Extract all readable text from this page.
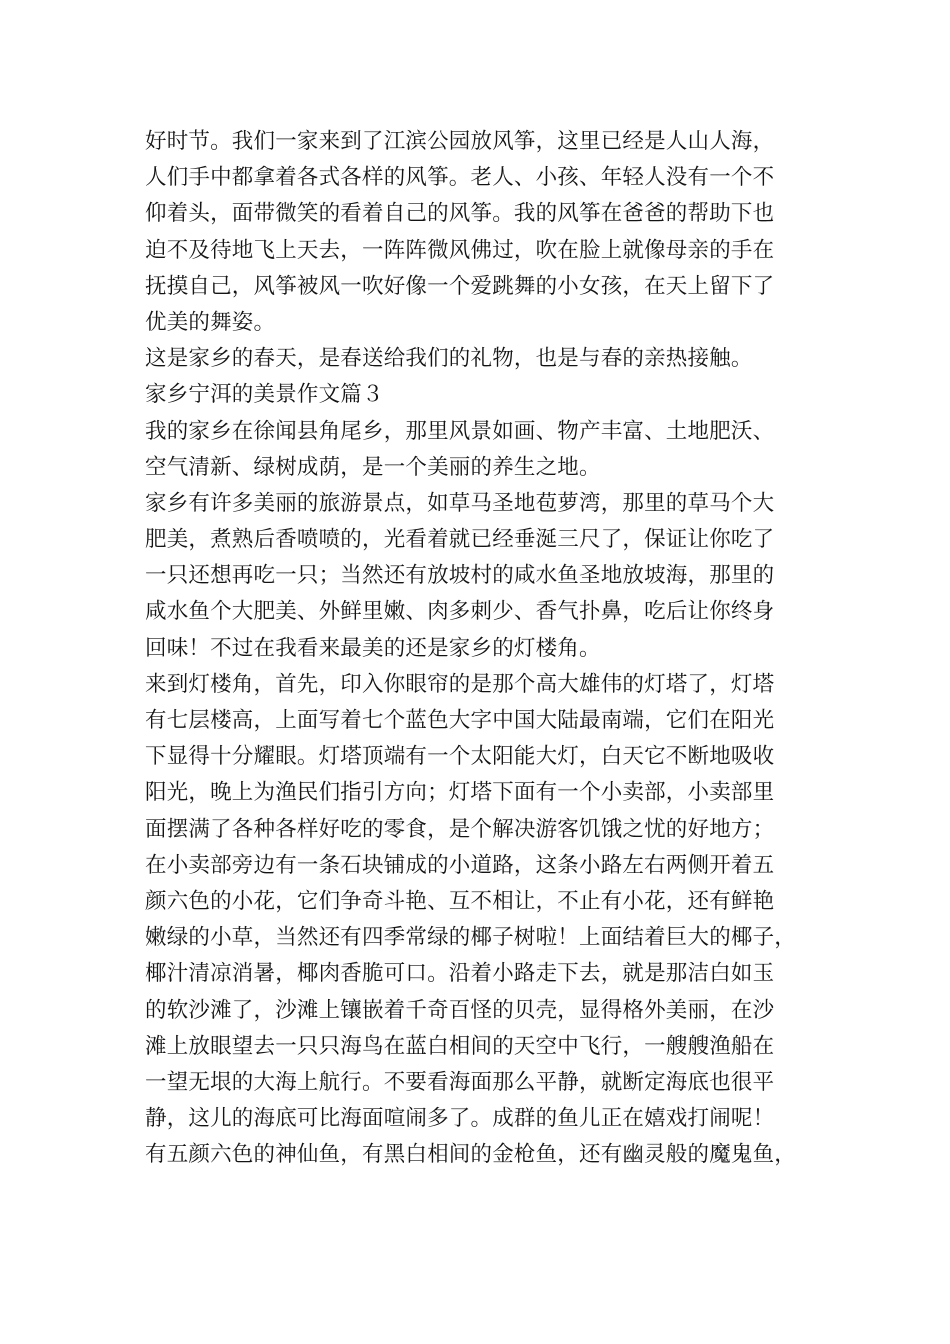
好时节。我们一家来到了江滨公园放风筝，这里已经是人山人海，
人们手中都拿着各式各样的风筝。老人、小孩、年轻人没有一个不
仰着头，面带微笑的看着自己的风筝。我的风筝在爸爸的帮助下也
迫不及待地飞上天去，一阵阵微风佛过，吹在脸上就像母亲的手在
抚摸自己，风筝被风一吹好像一个爱跳舞的小女孩，在天上留下了
优美的舞姿。
这是家乡的春天，是春送给我们的礼物，也是与春的亲热接触。
家乡宁洱的美景作文篇３
我的家乡在徐闻县角尾乡，那里风景如画、物产丰富、土地肥沃、
空气清新、绿树成荫，是一个美丽的养生之地。
家乡有许多美丽的旅游景点，如草马圣地苞萝湾，那里的草马个大
肥美，煮熟后香喷喷的，光看着就已经垂涎三尺了，保证让你吃了
一只还想再吃一只；当然还有放坡村的咸水鱼圣地放坡海，那里的
咸水鱼个大肥美、外鲜里嫩、肉多刺少、香气扑鼻，吃后让你终身
回味！不过在我看来最美的还是家乡的灯楼角。
来到灯楼角，首先，印入你眼帘的是那个高大雄伟的灯塔了，灯塔
有七层楼高，上面写着七个蓝色大字中国大陆最南端，它们在阳光
下显得十分耀眼。灯塔顶端有一个太阳能大灯，白天它不断地吸收
阳光，晚上为渔民们指引方向；灯塔下面有一个小卖部，小卖部里
面摆满了各种各样好吃的零食，是个解决游客饥饿之忧的好地方；
在小卖部旁边有一条石块铺成的小道路，这条小路左右两侧开着五
颜六色的小花，它们争奇斗艳、互不相让，不止有小花，还有鲜艳
嫩绿的小草，当然还有四季常绿的椰子树啦！上面结着巨大的椰子，
椰汁清凉消暑，椰肉香脆可口。沿着小路走下去，就是那洁白如玉
的软沙滩了，沙滩上镶嵌着千奇百怪的贝壳，显得格外美丽，在沙
滩上放眼望去一只只海鸟在蓝白相间的天空中飞行，一艘艘渔船在
一望无垠的大海上航行。不要看海面那么平静，就断定海底也很平
静，这儿的海底可比海面喧闹多了。成群的鱼儿正在嬉戏打闹呢！
有五颜六色的神仙鱼，有黑白相间的金枪鱼，还有幽灵般的魔鬼鱼，
